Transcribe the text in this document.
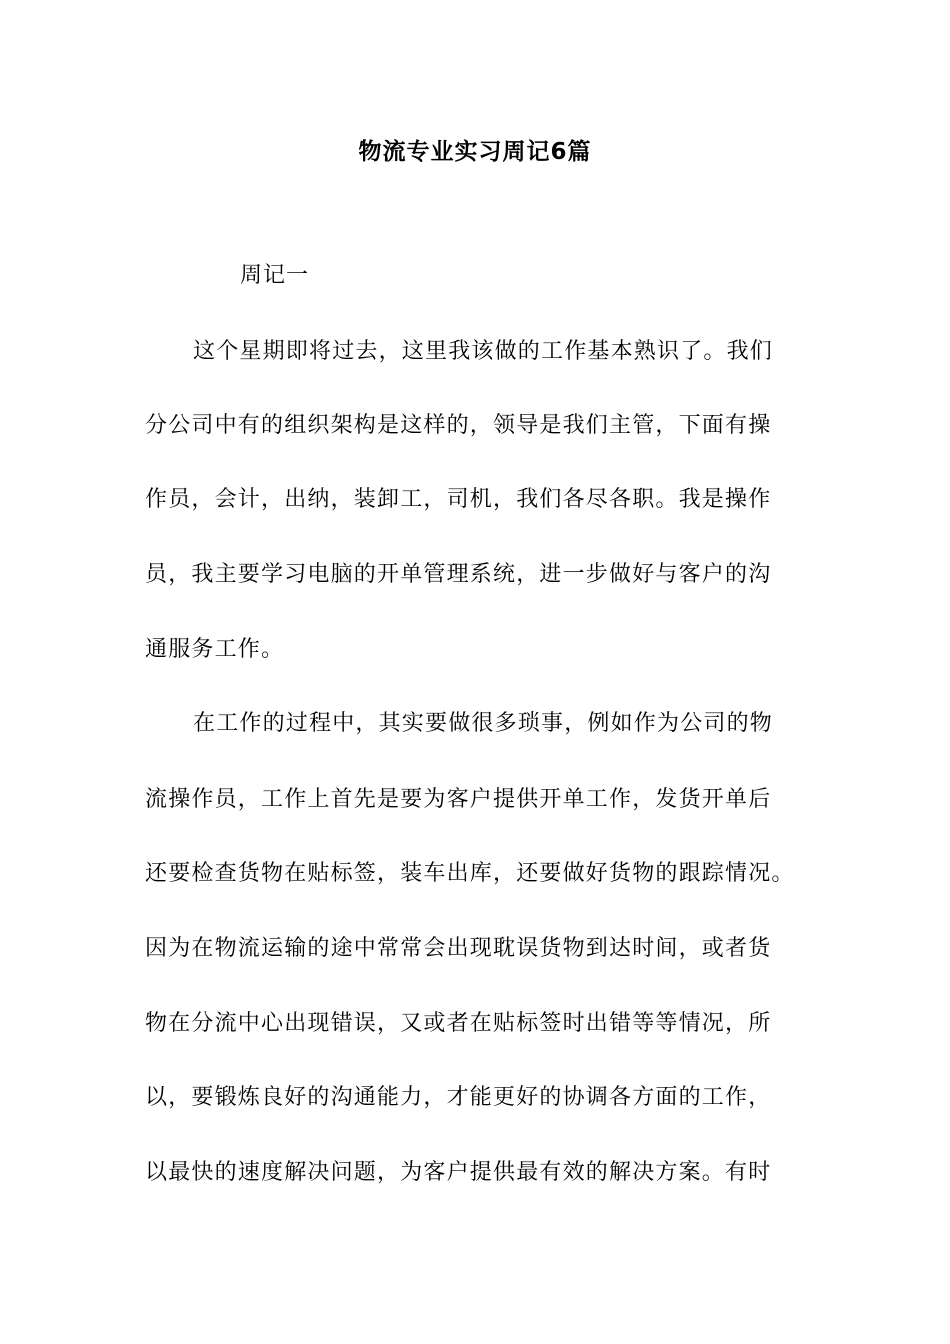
物流专业实习周记6篇
周记一
这个星期即将过去，这里我该做的工作基本熟识了。我们
分公司中有的组织架构是这样的，领导是我们主管，下面有操
作员，会计，出纳，装卸工，司机，我们各尽各职。我是操作
员，我主要学习电脑的开单管理系统，进一步做好与客户的沟
通服务工作。
在工作的过程中，其实要做很多琐事，例如作为公司的物
流操作员，工作上首先是要为客户提供开单工作，发货开单后
还要检查货物在贴标签，装车出库，还要做好货物的跟踪情况。
因为在物流运输的途中常常会出现耽误货物到达时间，或者货
物在分流中心出现错误，又或者在贴标签时出错等等情况，所
以，要锻炼良好的沟通能力，才能更好的协调各方面的工作，
以最快的速度解决问题，为客户提供最有效的解决方案。有时
